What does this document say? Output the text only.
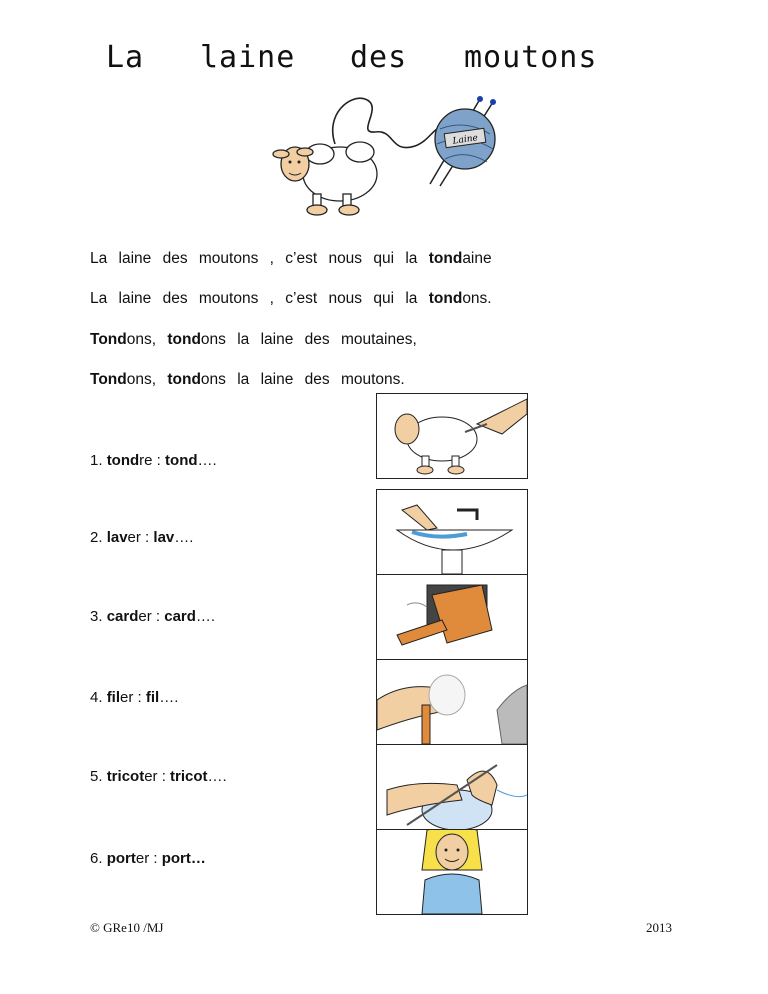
La laine des moutons
Laine
La laine des moutons , c’est nous qui la tondaine
La laine des moutons , c’est nous qui la tondons.
Tondons, tondons la laine des moutaines,
Tondons, tondons la laine des moutons.
1. tondre : tond….
2. laver : lav….
3. carder : card….
4. filer : fil….
5. tricoter : tricot….
6. porter : port…
© GRe10 /MJ	2013
